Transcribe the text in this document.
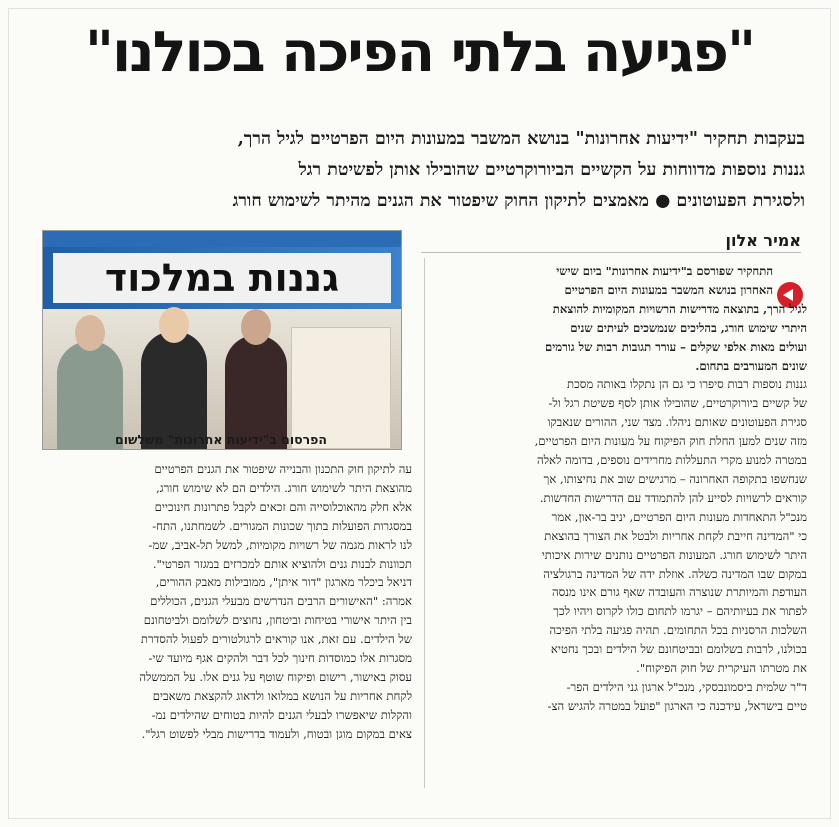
"פגיעה בלתי הפיכה בכולנו"
בעקבות תחקיר "ידיעות אחרונות" בנושא המשבר במעונות היום הפרטיים לגיל הרך,
גננות נוספות מדווחות על הקשיים הביורוקרטיים שהובילו אותן לפשיטת רגל
ולסגירת הפעוטונים ● מאמצים לתיקון החוק שיפטור את הגנים מהיתר לשימוש חורג
אמיר אלון
התחקיר שפורסם ב"ידיעות אחרונות" ביום שישי
האחרון בנושא המשבר במעונות היום הפרטיים
לגיל הרך, בתוצאה מדרישות הרשויות המקומיות להוצאת
היתרי שימוש חורג, בהליכים שנמשכים לעיתים שנים
ועולים מאות אלפי שקלים – עורר תגובות רבות של גורמים
שונים המעורבים בתחום.
גננות נוספות רבות סיפרו כי גם הן נתקלו באותה מסכת
של קשיים ביורוקרטיים, שהובילו אותן לסף פשיטת רגל ול-
סגירת הפעוטונים שאותם ניהלו. מצד שני, ההורים שנאבקו
מזה שנים למען החלת חוק הפיקוח על מעונות היום הפרטיים,
במטרה למנוע מקרי התעללות מחרידים נוספים, בדומה לאלה
שנחשפו בתקופה האחרונה – מרגישים שוב את נחיצותו, אך
קוראים לרשויות לסייע להן להתמודד עם הדרישות החדשות.
מנכ"ל התאחדות מעונות היום הפרטיים, יניב בר-און, אמר
כי "המדינה חייבת לקחת אחריות ולבטל את הצורך בהוצאת
היתר לשימוש חורג. המעונות הפרטיים נותנים שירות איכותי
במקום שבו המדינה כשלה. אוזלת ידה של המדינה ברגולציה
העודפת והמיותרת שנוצרה והעובדה שאף גורם אינו מנסה
לפתור את בעיותיהם – יגרמו לתחום כולו לקרוס ויהיו לכך
השלכות הרסניות בכל התחומים. תהיה פגיעה בלתי הפיכה
בכולנו, לרבות בשלומם ובביטחונם של הילדים ובכך נחטיא
את מטרתו העיקרית של חוק הפיקוח".
ד"ר שלמית ביסמונבסקי, מנכ"ל ארגון גני הילדים הפר-
טיים בישראל, עידכנה כי הארגון "פועל במטרה להגיש הצ-
גננות במלכוד
הפרסום ב"ידיעות אחרונות" משלשום
עה לתיקון חוק התכנון והבנייה שיפטור את הגנים הפרטיים
מהוצאת היתר לשימוש חורג. הילדים הם לא שימוש חורג,
אלא חלק מהאוכלוסייה והם זכאים לקבל פתרונות חינוכיים
במסגרות הפועלות בתוך שכונות המגורים. לשמחתנו, התח-
לנו לראות מגמה של רשויות מקומיות, למשל תל-אביב, שמ-
תכוונות לבנות גנים ולהוציא אותם למכרזים במגזר הפרטי".
דניאל ביכלר מארגון "דור איתן", ממובילות מאבק ההורים,
אמרה: "האישורים הרבים הנדרשים מבעלי הגנים, הכוללים
בין היתר אישורי בטיחות וביטחון, נחוצים לשלומם ולביטחונם
של הילדים. עם זאת, אנו קוראים לרגולטורים לפעול להסדרת
מסגרות אלו כמוסדות חינוך לכל דבר ולהקים אגף מיועד שי-
עסוק באישור, רישום ופיקוח שוטף על גנים אלו. על הממשלה
לקחת אחריות על הנושא במלואו ולדאוג להקצאת משאבים
והקלות שיאפשרו לבעלי הגנים להיות בטוחים שהילדים נמ-
צאים במקום מוגן ובטוח, ולעמוד בדרישות מבלי לפשוט רגל".
